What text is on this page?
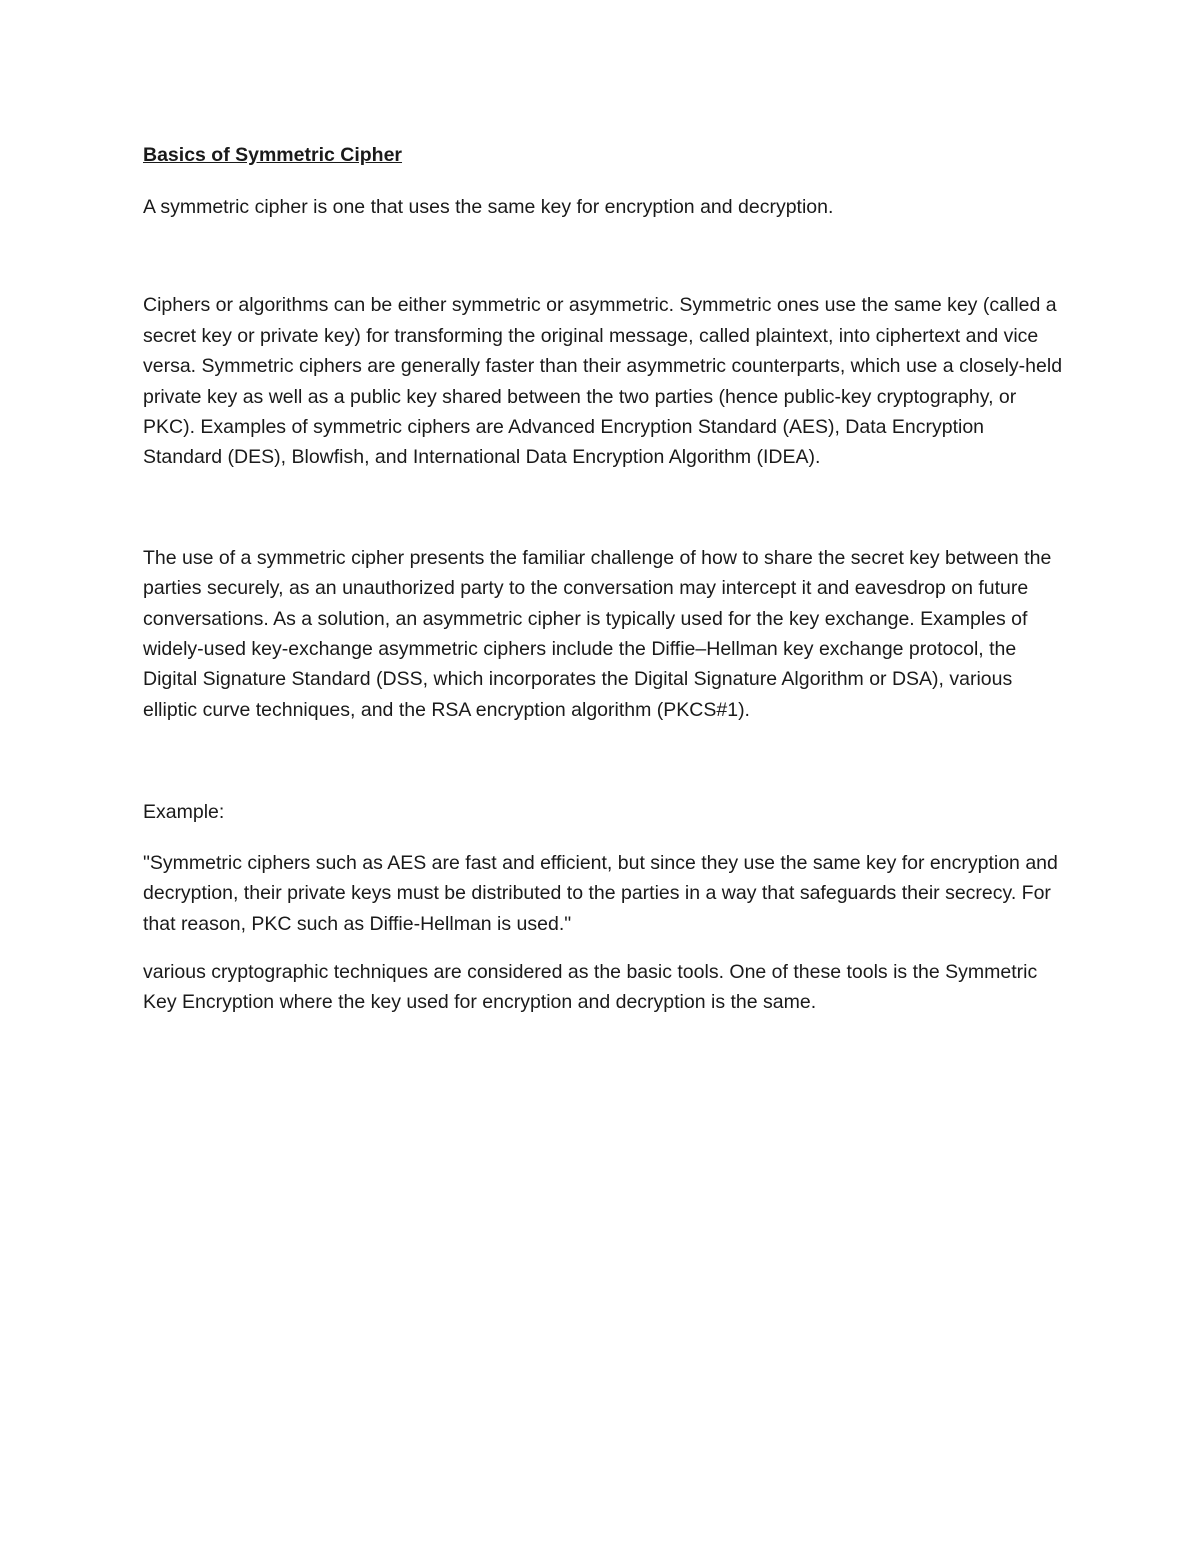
Basics of Symmetric Cipher

A symmetric cipher is one that uses the same key for encryption and decryption.

Ciphers or algorithms can be either symmetric or asymmetric. Symmetric ones use the same key (called a secret key or private key) for transforming the original message, called plaintext, into ciphertext and vice versa. Symmetric ciphers are generally faster than their asymmetric counterparts, which use a closely-held private key as well as a public key shared between the two parties (hence public-key cryptography, or PKC). Examples of symmetric ciphers are Advanced Encryption Standard (AES), Data Encryption Standard (DES), Blowfish, and International Data Encryption Algorithm (IDEA).

The use of a symmetric cipher presents the familiar challenge of how to share the secret key between the parties securely, as an unauthorized party to the conversation may intercept it and eavesdrop on future conversations. As a solution, an asymmetric cipher is typically used for the key exchange. Examples of widely-used key-exchange asymmetric ciphers include the Diffie–Hellman key exchange protocol, the Digital Signature Standard (DSS, which incorporates the Digital Signature Algorithm or DSA), various elliptic curve techniques, and the RSA encryption algorithm (PKCS#1).

Example:

"Symmetric ciphers such as AES are fast and efficient, but since they use the same key for encryption and decryption, their private keys must be distributed to the parties in a way that safeguards their secrecy. For that reason, PKC such as Diffie-Hellman is used."

various cryptographic techniques are considered as the basic tools. One of these tools is the Symmetric Key Encryption where the key used for encryption and decryption is the same.
